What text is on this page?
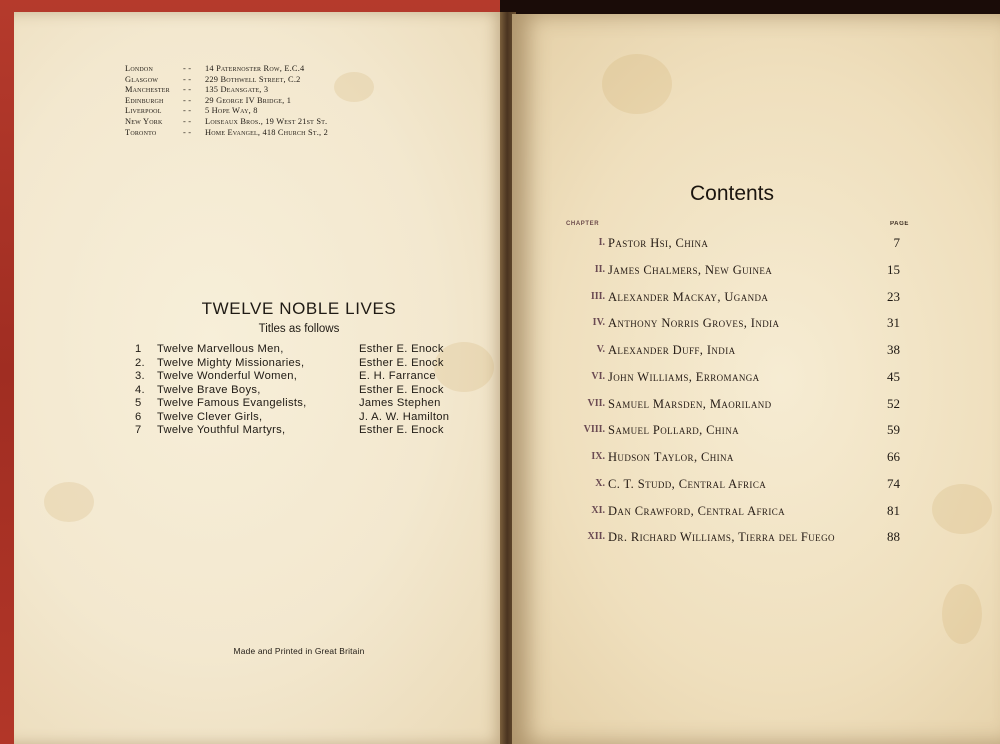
London	- -	14 Paternoster Row, E.C.4
Glasgow	- -	229 Bothwell Street, C.2
Manchester	- -	135 Deansgate, 3
Edinburgh	- -	29 George IV Bridge, 1
Liverpool	- -	5 Hope Way, 8
New York	- -	Loiseaux Bros., 19 West 21st St.
Toronto	- -	Home Evangel, 418 Church St., 2
TWELVE NOBLE LIVES
Titles as follows
1	Twelve Marvellous Men,	Esther E. Enock
2.	Twelve Mighty Missionaries,	Esther E. Enock
3.	Twelve Wonderful Women,	E. H. Farrance
4.	Twelve Brave Boys,	Esther E. Enock
5	Twelve Famous Evangelists,	James Stephen
6	Twelve Clever Girls,	J. A. W. Hamilton
7	Twelve Youthful Martyrs,	Esther E. Enock
Made and Printed in Great Britain
Contents
CHAPTER	PAGE
I. Pastor Hsi, China	7
II. James Chalmers, New Guinea	15
III. Alexander Mackay, Uganda	23
IV. Anthony Norris Groves, India	31
V. Alexander Duff, India	38
VI. John Williams, Erromanga	45
VII. Samuel Marsden, Maoriland	52
VIII. Samuel Pollard, China	59
IX. Hudson Taylor, China	66
X. C. T. Studd, Central Africa	74
XI. Dan Crawford, Central Africa	81
XII. Dr. Richard Williams, Tierra del Fuego	88
